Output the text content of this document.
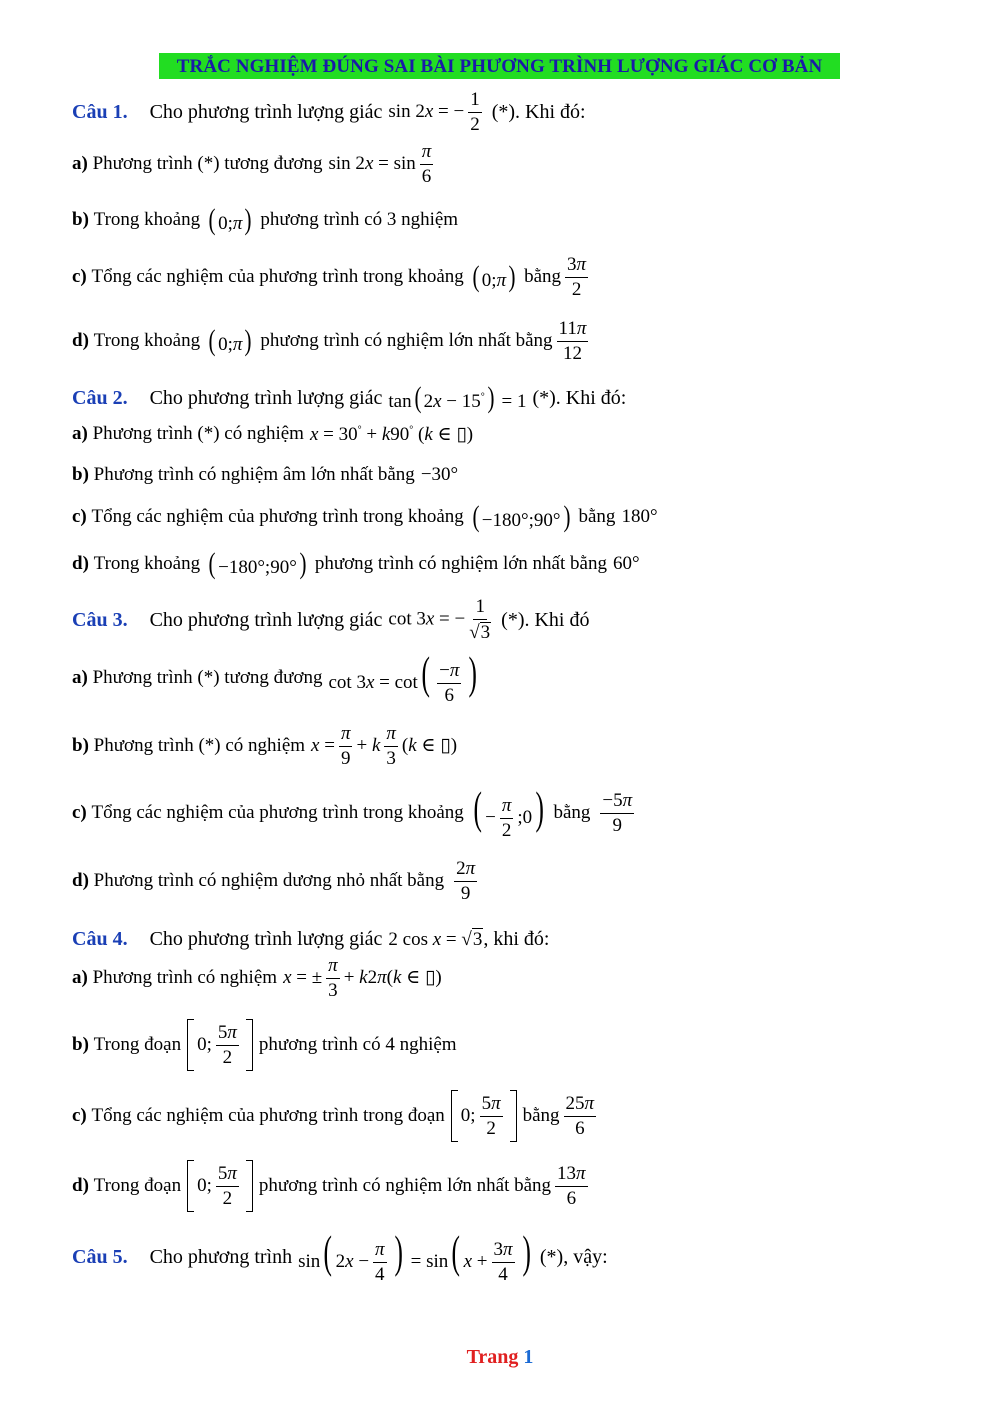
TRẮC NGHIỆM ĐÚNG SAI BÀI PHƯƠNG TRÌNH LƯỢNG GIÁC CƠ BẢN
Câu 1. Cho phương trình lượng giác sin 2x = − $\frac{1}{2}$ (*). Khi đó:
a)
Phương trình (*) tương đương $\sin 2x = \sin \frac{\pi}{6}$
b)
Trong khoảng ( 0;π) phương trình có 3 nghiệm
c)
Tổng các nghiệm của phương trình trong khoảng ( 0;π) bằng $\frac{3\pi}{2}$
d)
Trong khoảng ( 0;π) phương trình có nghiệm lớn nhất bằng $\frac{11\pi}{12}$
Câu 2. Cho phương trình lượng giác tan( 2x − 15°) = 1 (*). Khi đó:
a)
Phương trình (*) có nghiệm x = 30° + k90° (k ∈ ▯)
b)
Phương trình có nghiệm âm lớn nhất bằng −30°
c)
Tổng các nghiệm của phương trình trong khoảng ( −180°;90°) bằng 180°
d)
Trong khoảng ( −180°;90°) phương trình có nghiệm lớn nhất bằng 60°
Câu 3. Cho phương trình lượng giác cot 3x = − $\frac{1}{√ 3}$ (*). Khi đó
a)
Phương trình (*) tương đương $\cot 3x = \cot( \frac{-\pi}{6}$ )
b)
Phương trình (*) có nghiệm $x = \frac{\pi}{9} + k \frac{\pi}{3} (k$ ∈ ▯)
c)
Tổng các nghiệm của phương trình trong khoảng ( − $\frac{\pi}{2}$ ;0) bằng $\frac{-5\pi}{9}$
d)
Phương trình có nghiệm dương nhỏ nhất bằng $\frac{2\pi}{9}$
Câu 4. Cho phương trình lượng giác 2 cos x = √ 3 , khi đó:
a)
Phương trình có nghiệm x = ± $\frac{\pi}{3} + k2\pi(k$ ∈ ▯)
b)
Trong đoạn 0; $\frac{5\pi}{2}$ phương trình có 4 nghiệm
c)
Tổng các nghiệm của phương trình trong đoạn 0; $\frac{5\pi}{2}$ bằng $\frac{25\pi}{6}$
d)
Trong đoạn 0; $\frac{5\pi}{2}$ phương trình có nghiệm lớn nhất bằng $\frac{13\pi}{6}$
Câu 5. Cho phương trình sin( $2x - \frac{\pi}{4}$ ) = sin( $x + \frac{3\pi}{4}$ ) (*), vậy:
Trang 1
